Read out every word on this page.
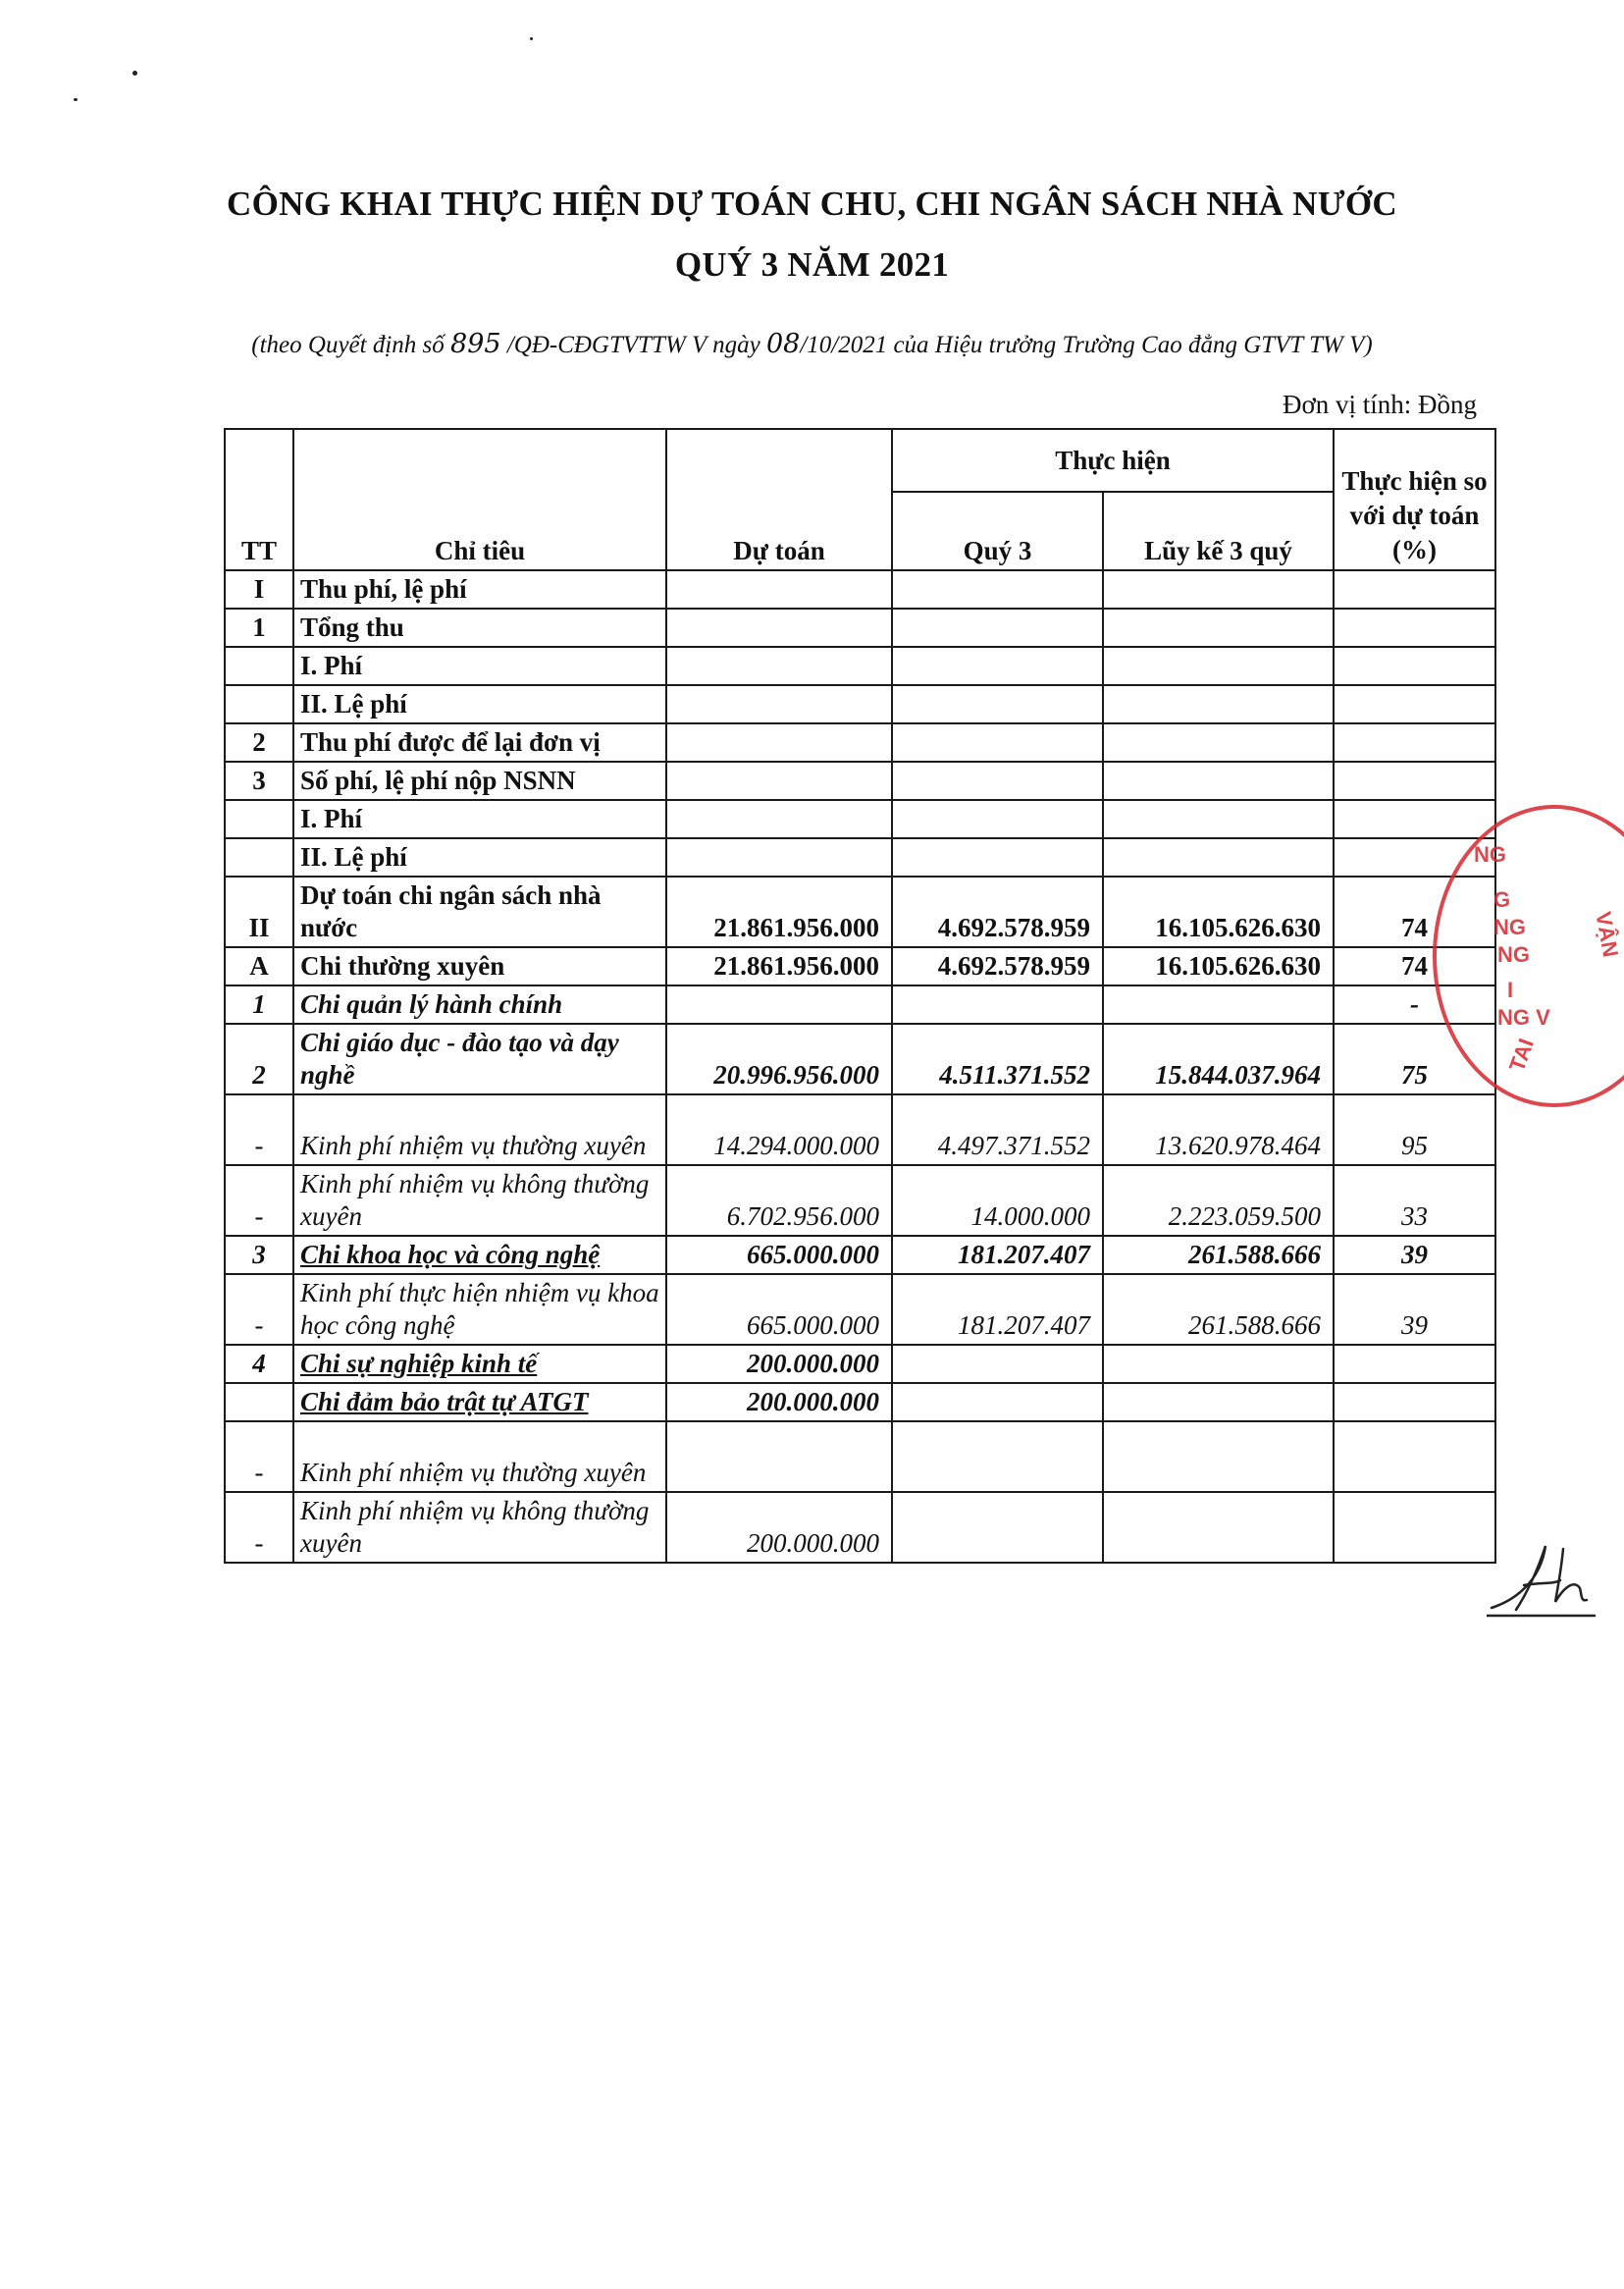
CÔNG KHAI THỰC HIỆN DỰ TOÁN CHU, CHI NGÂN SÁCH NHÀ NƯỚC
QUÝ 3 NĂM 2021
(theo Quyết định số 895 /QĐ-CĐGTVTTW V ngày 08/10/2021 của Hiệu trưởng Trường Cao đẳng GTVT TW V)
Đơn vị tính: Đồng
TT	Chỉ tiêu	Dự toán	Thực hiện		Thực hiện so với dự toán (%)
			Quý 3	Lũy kế 3 quý	
I	Thu phí, lệ phí				
1	Tổng thu				
	I. Phí				
	II. Lệ phí				
2	Thu phí được để lại đơn vị				
3	Số phí, lệ phí nộp NSNN				
	I. Phí				
	II. Lệ phí				
II	Dự toán chi ngân sách nhà nước	21.861.956.000	4.692.578.959	16.105.626.630	74
A	Chi thường xuyên	21.861.956.000	4.692.578.959	16.105.626.630	74
1	Chi quản lý hành chính				-
2	Chi giáo dục - đào tạo và dạy nghề	20.996.956.000	4.511.371.552	15.844.037.964	75
-	Kinh phí nhiệm vụ thường xuyên	14.294.000.000	4.497.371.552	13.620.978.464	95
-	Kinh phí nhiệm vụ không thường xuyên	6.702.956.000	14.000.000	2.223.059.500	33
3	Chi khoa học và công nghệ	665.000.000	181.207.407	261.588.666	39
-	Kinh phí thực hiện nhiệm vụ khoa học công nghệ	665.000.000	181.207.407	261.588.666	39
4	Chi sự nghiệp kinh tế	200.000.000			
	Chi đảm bảo trật tự ATGT	200.000.000			
-	Kinh phí nhiệm vụ thường xuyên				
-	Kinh phí nhiệm vụ không thường xuyên	200.000.000			
NG
G
NG
NG	VẬN
I
NG V
TAI
